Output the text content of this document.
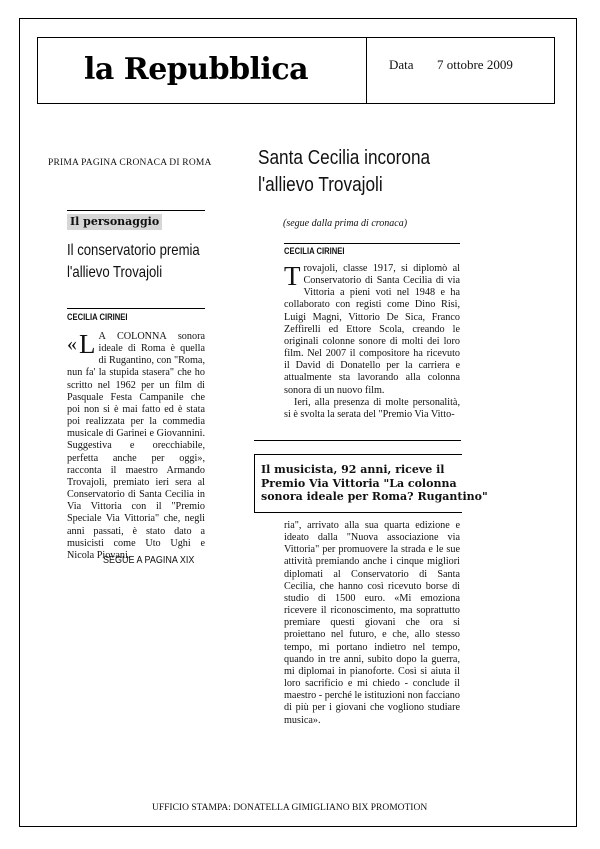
la Repubblica	Data 7 ottobre 2009
PRIMA PAGINA CRONACA DI ROMA Santa Cecilia incorona
l'allievo Trovajoli
(segue dalla prima di cronaca)
CECILIA CIRINEI

Trovajoli, classe 1917, si diplomò al Conservatorio di Santa Cecilia di via Vittoria a pieni voti nel 1948 e ha collaborato con registi come Dino Risi, Luigi Magni, Vittorio De Sica, Franco Zeffirelli ed Ettore Scola, creando le originali colonne sonore di molti dei loro film. Nel 2007 il compositore ha ricevuto il David di Donatello per la carriera e attualmente sta lavorando alla colonna sonora di un nuovo film.

Ieri, alla presenza di molte personalità, si è svolta la serata del "Premio Via Vitto-

Il musicista, 92 anni, riceve il Premio Via Vittoria "La colonna sonora ideale per Roma? Rugantino"

ria", arrivato alla sua quarta edizione e ideato dalla "Nuova associazione via Vittoria" per promuovere la strada e le sue attività premiando anche i cinque migliori diplomati al Conservatorio di Santa Cecilia, che hanno così ricevuto borse di studio di 1500 euro. «Mi emoziona ricevere il riconoscimento, ma soprattutto premiare questi giovani che ora si proiettano nel futuro, e che, allo stesso tempo, mi portano indietro nel tempo, quando in tre anni, subito dopo la guerra, mi diplomai in pianoforte. Così si aiuta il loro sacrificio e mi chiedo - conclude il maestro - perché le istituzioni non facciano di più per i giovani che vogliono studiare musica».

Il personaggio
Il conservatorio premia
l'allievo Trovajoli
CECILIA CIRINEI

« L A COLONNA sonora ideale di Roma è quella di Rugantino, con "Roma, nun fa' la stupida stasera" che ho scritto nel 1962 per un film di Pasquale Festa Campanile che poi non si è mai fatto ed è stata poi realizzata per la commedia musicale di Garinei e Giovannini. Suggestiva e orecchiabile, perfetta anche per oggi», racconta il maestro Armando Trovajoli, premiato ieri sera al Conservatorio di Santa Cecilia in Via Vittoria con il "Premio Speciale Via Vittoria" che, negli anni passati, è stato dato a musicisti come Uto Ughi e Nicola Piovani.

SEGUE A PAGINA XIX
UFFICIO STAMPA: DONATELLA GIMIGLIANO BIX PROMOTION
